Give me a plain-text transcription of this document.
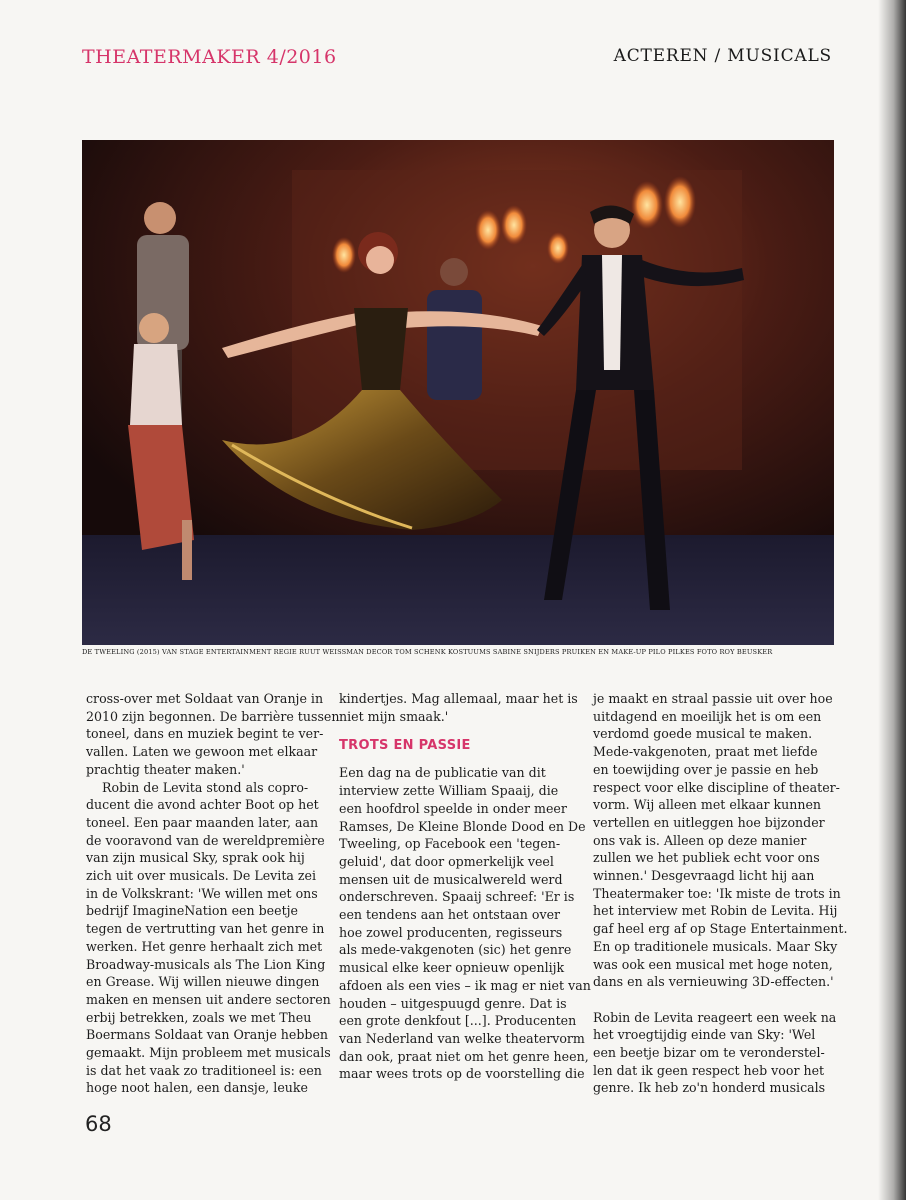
THEATERMAKER 4/2016	ACTEREN / MUSICALS
DE TWEELING (2015) VAN STAGE ENTERTAINMENT REGIE RUUT WEISSMAN DECOR TOM SCHENK KOSTUUMS SABINE SNIJDERS PRUIKEN EN MAKE-UP PILO PILKES FOTO ROY BEUSKER
cross-over met Soldaat van Oranje in
2010 zijn begonnen. De barrière tussen
toneel, dans en muziek begint te ver-
vallen. Laten we gewoon met elkaar
prachtig theater maken.'
Robin de Levita stond als copro-
ducent die avond achter Boot op het
toneel. Een paar maanden later, aan
de vooravond van de wereldpremière
van zijn musical Sky, sprak ook hij
zich uit over musicals. De Levita zei
in de Volkskrant: 'We willen met ons
bedrijf ImagineNation een beetje
tegen de vertrutting van het genre in
werken. Het genre herhaalt zich met
Broadway-musicals als The Lion King
en Grease. Wij willen nieuwe dingen
maken en mensen uit andere sectoren
erbij betrekken, zoals we met Theu
Boermans Soldaat van Oranje hebben
gemaakt. Mijn probleem met musicals
is dat het vaak zo traditioneel is: een
hoge noot halen, een dansje, leuke
kindertjes. Mag allemaal, maar het is
niet mijn smaak.'
TROTS EN PASSIE
Een dag na de publicatie van dit
interview zette William Spaaij, die
een hoofdrol speelde in onder meer
Ramses, De Kleine Blonde Dood en De
Tweeling, op Facebook een 'tegen-
geluid', dat door opmerkelijk veel
mensen uit de musicalwereld werd
onderschreven. Spaaij schreef: 'Er is
een tendens aan het ontstaan over
hoe zowel producenten, regisseurs
als mede-vakgenoten (sic) het genre
musical elke keer opnieuw openlijk
afdoen als een vies – ik mag er niet van
houden – uitgespuugd genre. Dat is
een grote denkfout [...]. Producenten
van Nederland van welke theatervorm
dan ook, praat niet om het genre heen,
maar wees trots op de voorstelling die
je maakt en straal passie uit over hoe
uitdagend en moeilijk het is om een
verdomd goede musical te maken.
Mede-vakgenoten, praat met liefde
en toewijding over je passie en heb
respect voor elke discipline of theater-
vorm. Wij alleen met elkaar kunnen
vertellen en uitleggen hoe bijzonder
ons vak is. Alleen op deze manier
zullen we het publiek echt voor ons
winnen.' Desgevraagd licht hij aan
Theatermaker toe: 'Ik miste de trots in
het interview met Robin de Levita. Hij
gaf heel erg af op Stage Entertainment.
En op traditionele musicals. Maar Sky
was ook een musical met hoge noten,
dans en als vernieuwing 3D-effecten.'
Robin de Levita reageert een week na
het vroegtijdig einde van Sky: 'Wel
een beetje bizar om te veronderstel-
len dat ik geen respect heb voor het
genre. Ik heb zo'n honderd musicals
68
